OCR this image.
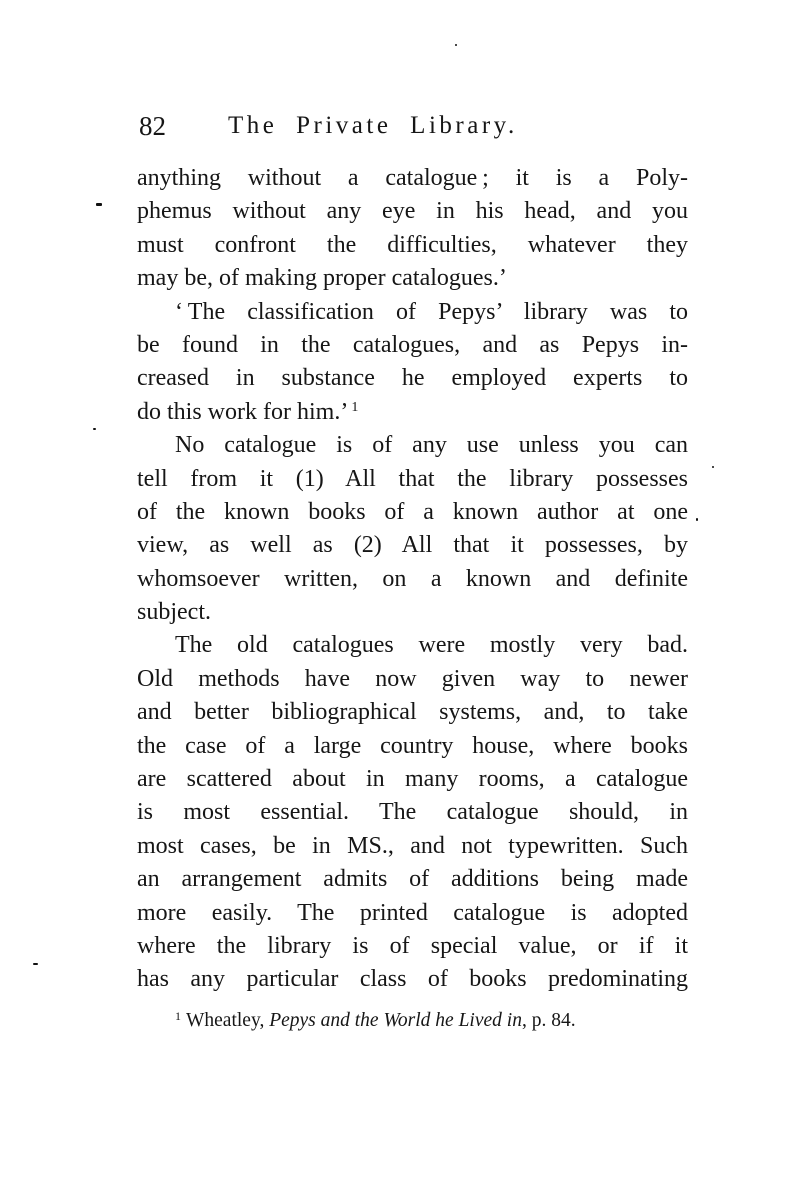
82 The Private Library.
anything without a catalogue ; it is a Poly-
phemus without any eye in his head, and you
must confront the difficulties, whatever they
may be, of making proper catalogues.’
‘ The classification of Pepys’ library was to
be found in the catalogues, and as Pepys in-
creased in substance he employed experts to
do this work for him.’ $^1$
No catalogue is of any use unless you can
tell from it (1) All that the library possesses
of the known books of a known author at one
view, as well as (2) All that it possesses, by
whomsoever written, on a known and definite
subject.
The old catalogues were mostly very bad.
Old methods have now given way to newer
and better bibliographical systems, and, to take
the case of a large country house, where books
are scattered about in many rooms, a catalogue
is most essential. The catalogue should, in
most cases, be in MS., and not typewritten. Such
an arrangement admits of additions being made
more easily. The printed catalogue is adopted
where the library is of special value, or if it
has any particular class of books predominating
$^1$ Wheatley, Pepys and the World he Lived in, p. 84.
